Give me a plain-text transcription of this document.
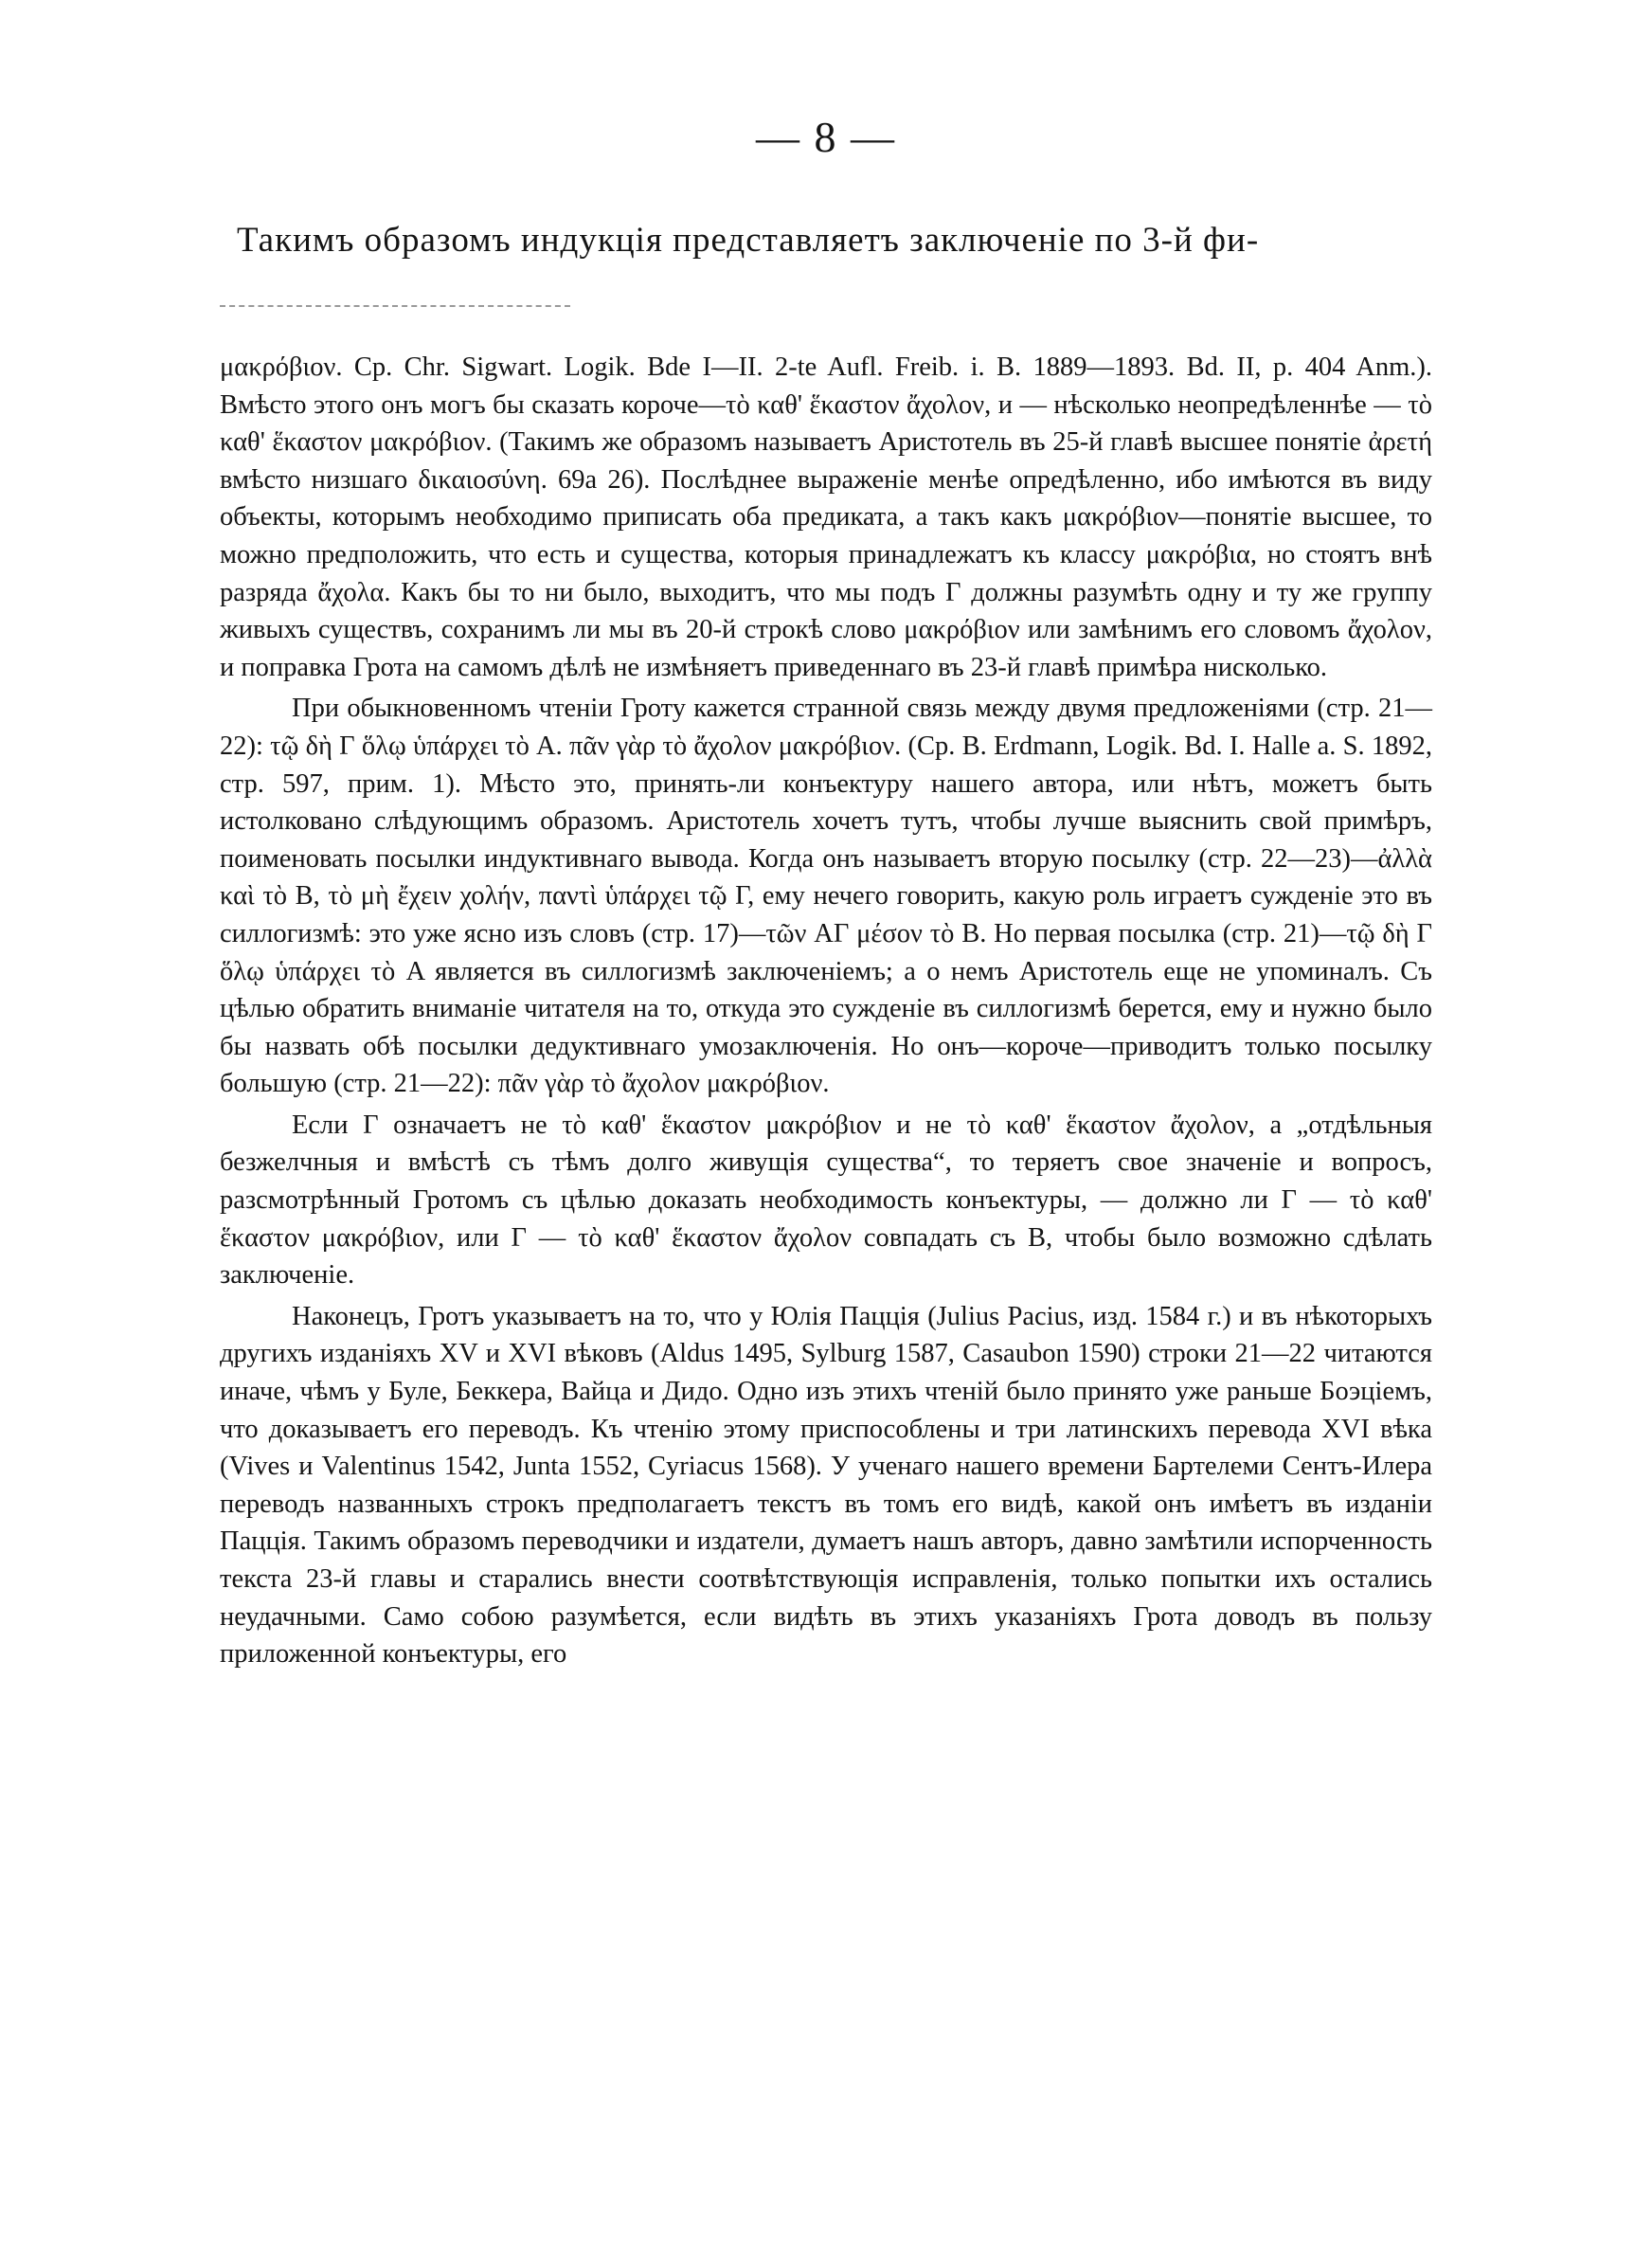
— 8 —
Такимъ образомъ индукція представляетъ заключеніе по 3-й фи-

μακρόβιον. Ср. Chr. Sigwart. Logik. Bde I—II. 2-te Aufl. Freib. i. B. 1889—1893. Bd. II, p. 404 Anm.). Вмѣсто этого онъ могъ бы сказать короче—τὸ καθ' ἕκαστον ἄχολον, и — нѣсколько неопредѣленнѣе — τὸ καθ' ἕκαστον μακρόβιον. (Такимъ же образомъ называетъ Аристотель въ 25-й главѣ высшее понятіе ἀρετή вмѣсто низшаго δικαιοσύνη. 69a 26). Послѣднее выраженіе менѣе опредѣленно, ибо имѣются въ виду объекты, которымъ необходимо приписать оба предиката, а такъ какъ μακρόβιον—понятіе высшее, то можно предположить, что есть и существа, которыя принадлежатъ къ классу μακρόβια, но стоятъ внѣ разряда ἄχολα. Какъ бы то ни было, выходитъ, что мы подъ Γ должны разумѣть одну и ту же группу живыхъ существъ, сохранимъ ли мы въ 20-й строкѣ слово μακρόβιον или замѣнимъ его словомъ ἄχολον, и поправка Грота на самомъ дѣлѣ не измѣняетъ приведеннаго въ 23-й главѣ примѣра нисколько.

При обыкновенномъ чтеніи Гроту кажется странной связь между двумя предложеніями (стр. 21—22): τῷ δὴ Γ ὅλῳ ὑπάρχει τὸ A. πᾶν γὰρ τὸ ἄχολον μακρόβιον. (Ср. B. Erdmann, Logik. Bd. I. Halle a. S. 1892, стр. 597, прим. 1). Мѣсто это, принять-ли конъектуру нашего автора, или нѣтъ, можетъ быть истолковано слѣдующимъ образомъ. Аристотель хочетъ тутъ, чтобы лучше выяснить свой примѣръ, поименовать посылки индуктивнаго вывода. Когда онъ называетъ вторую посылку (стр. 22—23)—ἀλλὰ καὶ τὸ B, τὸ μὴ ἔχειν χολήν, παντὶ ὑπάρχει τῷ Γ, ему нечего говорить, какую роль играетъ сужденіе это въ силлогизмѣ: это уже ясно изъ словъ (стр. 17)—τῶν AΓ μέσον τὸ B. Но первая посылка (стр. 21)—τῷ δὴ Γ ὅλῳ ὑπάρχει τὸ A является въ силлогизмѣ заключеніемъ; а о немъ Аристотель еще не упоминалъ. Съ цѣлью обратить вниманіе читателя на то, откуда это сужденіе въ силлогизмѣ берется, ему и нужно было бы назвать обѣ посылки дедуктивнаго умозаключенія. Но онъ—короче—приводитъ только посылку большую (стр. 21—22): πᾶν γὰρ τὸ ἄχολον μακρόβιον.

Если Γ означаетъ не τὸ καθ' ἕκαστον μακρόβιον и не τὸ καθ' ἕκαστον ἄχολον, а „отдѣльныя безжелчныя и вмѣстѣ съ тѣмъ долго живущія существа“, то теряетъ свое значеніе и вопросъ, разсмотрѣнный Гротомъ съ цѣлью доказать необходимость конъектуры, — должно ли Γ — τὸ καθ' ἕκαστον μακρόβιον, или Γ — τὸ καθ' ἕκαστον ἄχολον совпадать съ B, чтобы было возможно сдѣлать заключеніе.

Наконецъ, Гротъ указываетъ на то, что у Юлія Пацція (Julius Pacius, изд. 1584 г.) и въ нѣкоторыхъ другихъ изданіяхъ XV и XVI вѣковъ (Aldus 1495, Sylburg 1587, Casaubon 1590) строки 21—22 читаются иначе, чѣмъ у Буле, Беккера, Вайца и Дидо. Одно изъ этихъ чтеній было принято уже раньше Боэціемъ, что доказываетъ его переводъ. Къ чтенію этому приспособлены и три латинскихъ перевода XVI вѣка (Vives и Valentinus 1542, Junta 1552, Cyriacus 1568). У ученаго нашего времени Бартелеми Сентъ-Илера переводъ названныхъ строкъ предполагаетъ текстъ въ томъ его видѣ, какой онъ имѣетъ въ изданіи Пацція. Такимъ образомъ переводчики и издатели, думаетъ нашъ авторъ, давно замѣтили испорченность текста 23-й главы и старались внести соотвѣтствующія исправленія, только попытки ихъ остались неудачными. Само собою разумѣется, если видѣть въ этихъ указаніяхъ Грота доводъ въ пользу приложенной конъектуры, его
